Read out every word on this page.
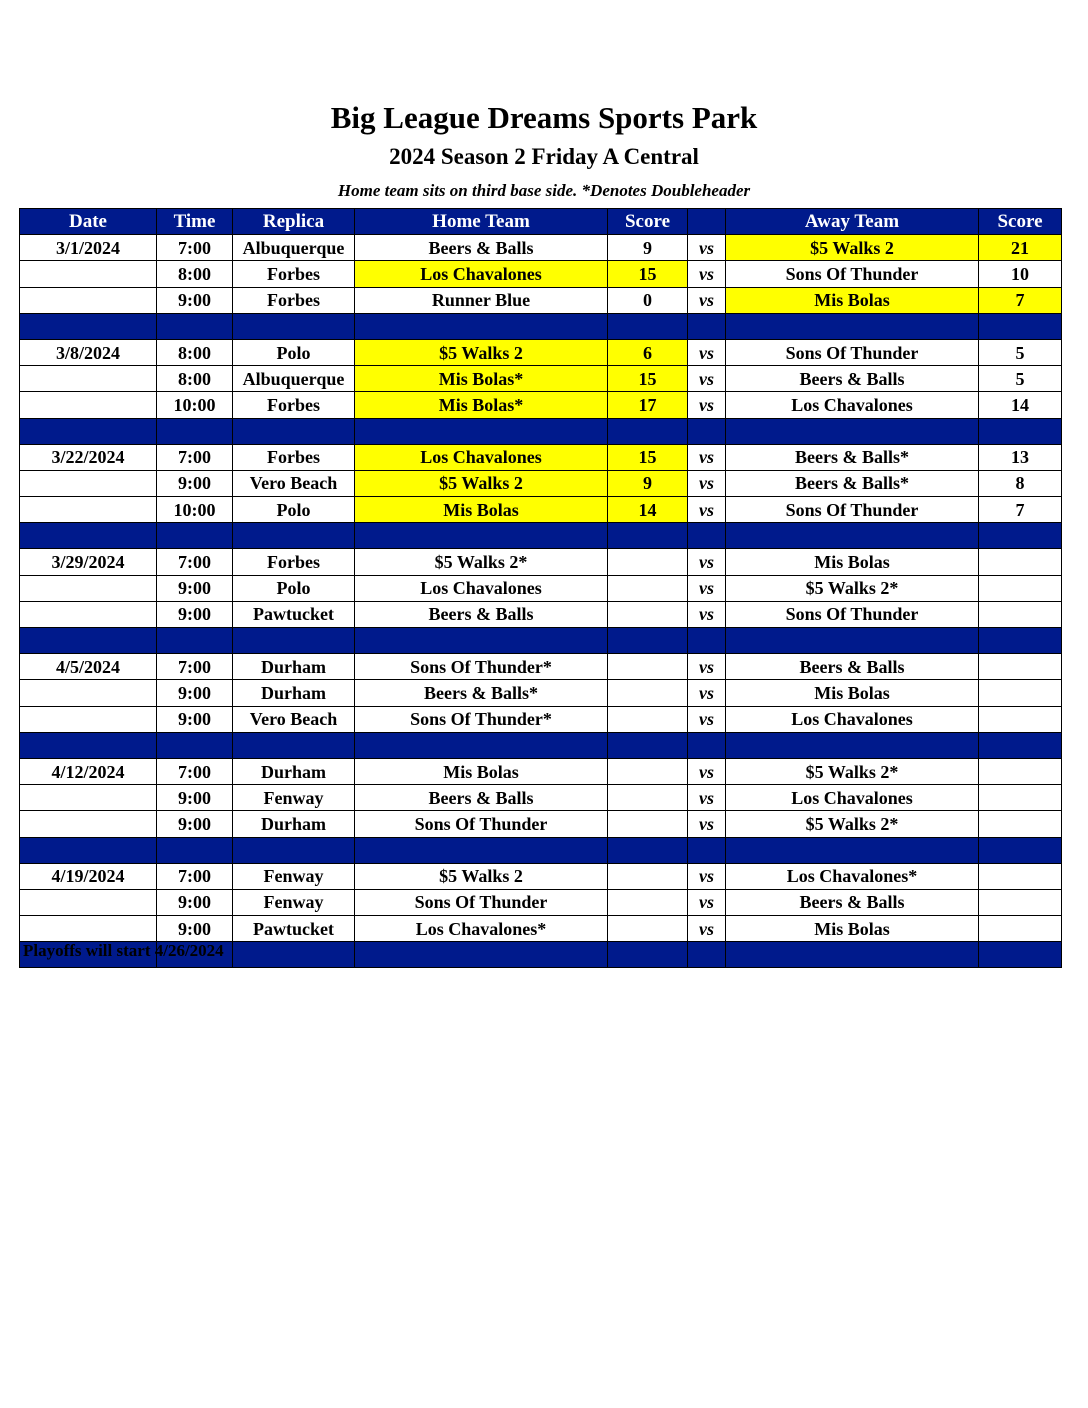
Big League Dreams Sports Park
2024 Season 2 Friday A Central
Home team sits on third base side. *Denotes Doubleheader
Date	Time	Replica	Home Team	Score		Away Team	Score
3/1/2024	7:00	Albuquerque	Beers & Balls	9	vs	$5 Walks 2	21
	8:00	Forbes	Los Chavalones	15	vs	Sons Of Thunder	10
	9:00	Forbes	Runner Blue	0	vs	Mis Bolas	7

3/8/2024	8:00	Polo	$5 Walks 2	6	vs	Sons Of Thunder	5
	8:00	Albuquerque	Mis Bolas*	15	vs	Beers & Balls	5
	10:00	Forbes	Mis Bolas*	17	vs	Los Chavalones	14

3/22/2024	7:00	Forbes	Los Chavalones	15	vs	Beers & Balls*	13
	9:00	Vero Beach	$5 Walks 2	9	vs	Beers & Balls*	8
	10:00	Polo	Mis Bolas	14	vs	Sons Of Thunder	7

3/29/2024	7:00	Forbes	$5 Walks 2*		vs	Mis Bolas	
	9:00	Polo	Los Chavalones		vs	$5 Walks 2*	
	9:00	Pawtucket	Beers & Balls		vs	Sons Of Thunder	

4/5/2024	7:00	Durham	Sons Of Thunder*		vs	Beers & Balls	
	9:00	Durham	Beers & Balls*		vs	Mis Bolas	
	9:00	Vero Beach	Sons Of Thunder*		vs	Los Chavalones	

4/12/2024	7:00	Durham	Mis Bolas		vs	$5 Walks 2*	
	9:00	Fenway	Beers & Balls		vs	Los Chavalones	
	9:00	Durham	Sons Of Thunder		vs	$5 Walks 2*	

4/19/2024	7:00	Fenway	$5 Walks 2		vs	Los Chavalones*	
	9:00	Fenway	Sons Of Thunder		vs	Beers & Balls	
	9:00	Pawtucket	Los Chavalones*		vs	Mis Bolas	

Playoffs will start 4/26/2024
